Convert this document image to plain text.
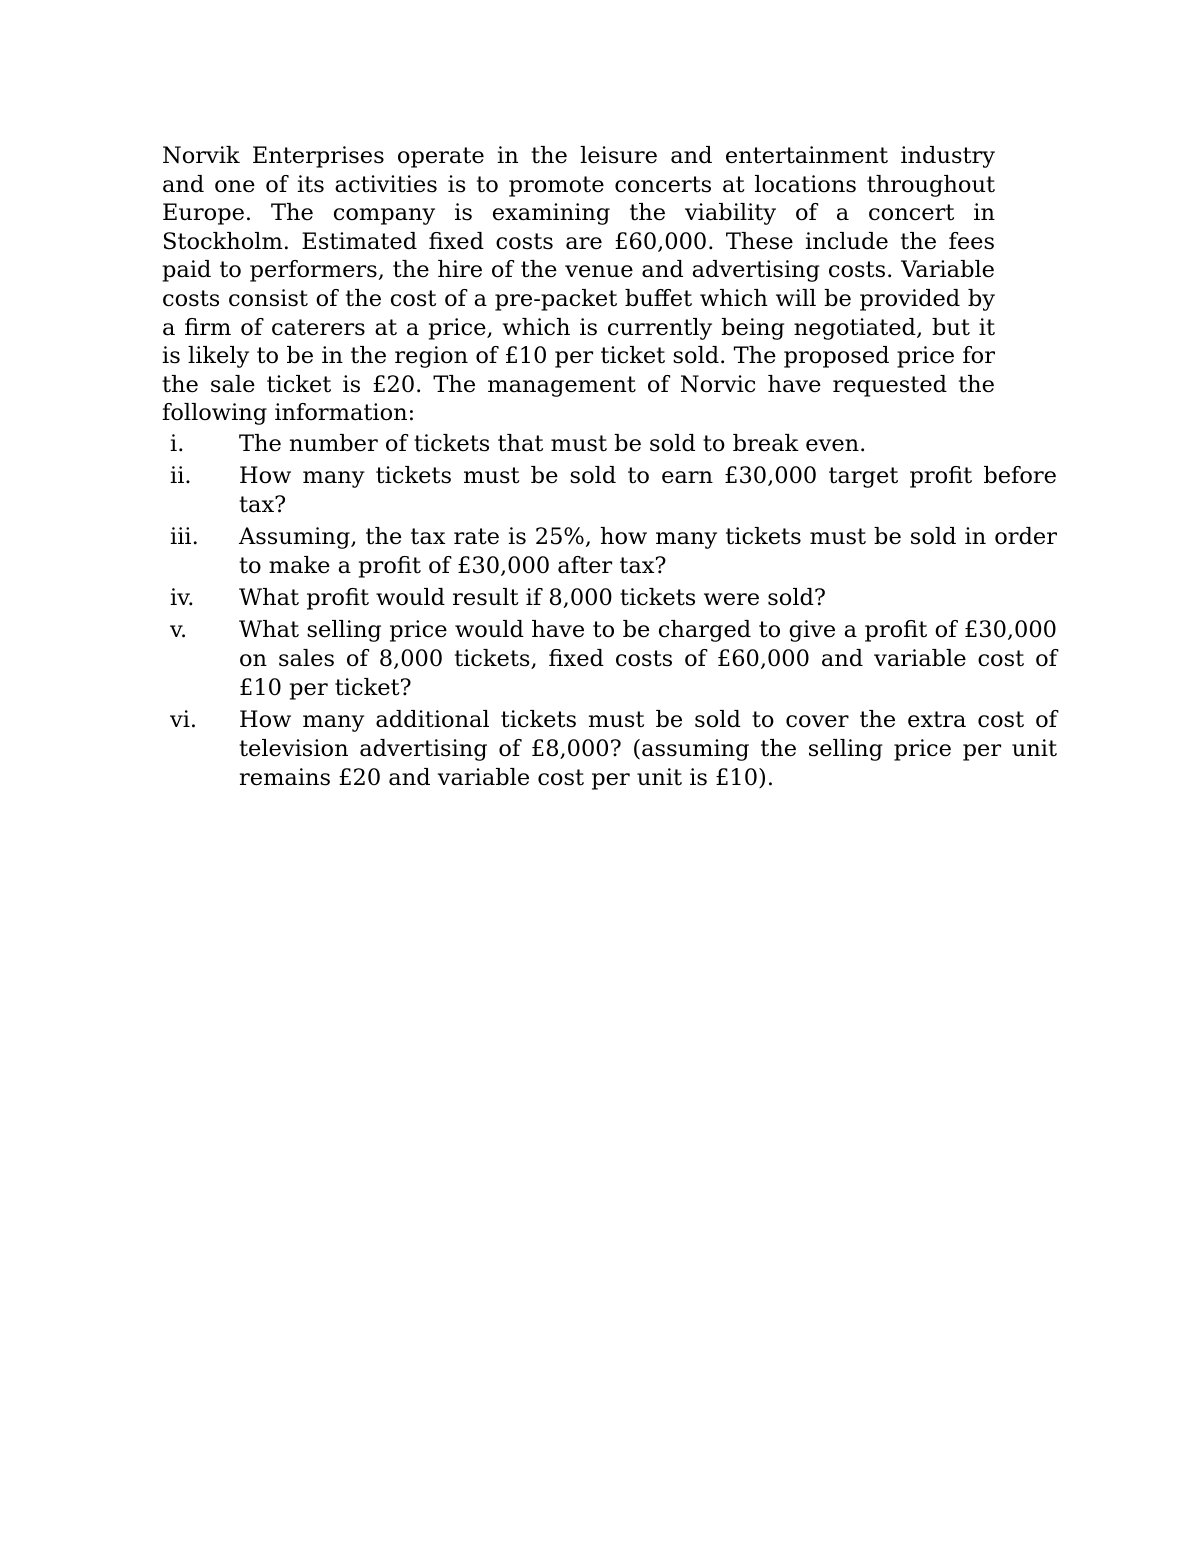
Norvik Enterprises operate in the leisure and entertainment industry and one of its activities is to promote concerts at locations throughout Europe. The company is examining the viability of a concert in Stockholm. Estimated fixed costs are £60,000. These include the fees paid to performers, the hire of the venue and advertising costs. Variable costs consist of the cost of a pre-packet buffet which will be provided by a firm of caterers at a price, which is currently being negotiated, but it is likely to be in the region of £10 per ticket sold. The proposed price for the sale ticket is £20. The management of Norvic have requested the following information:

i.	The number of tickets that must be sold to break even.
ii.	How many tickets must be sold to earn £30,000 target profit before tax?
iii.	Assuming, the tax rate is 25%, how many tickets must be sold in order to make a profit of £30,000 after tax?
iv.	What profit would result if 8,000 tickets were sold?
v.	What selling price would have to be charged to give a profit of £30,000 on sales of 8,000 tickets, fixed costs of £60,000 and variable cost of £10 per ticket?
vi.	How many additional tickets must be sold to cover the extra cost of television advertising of £8,000? (assuming the selling price per unit remains £20 and variable cost per unit is £10).
